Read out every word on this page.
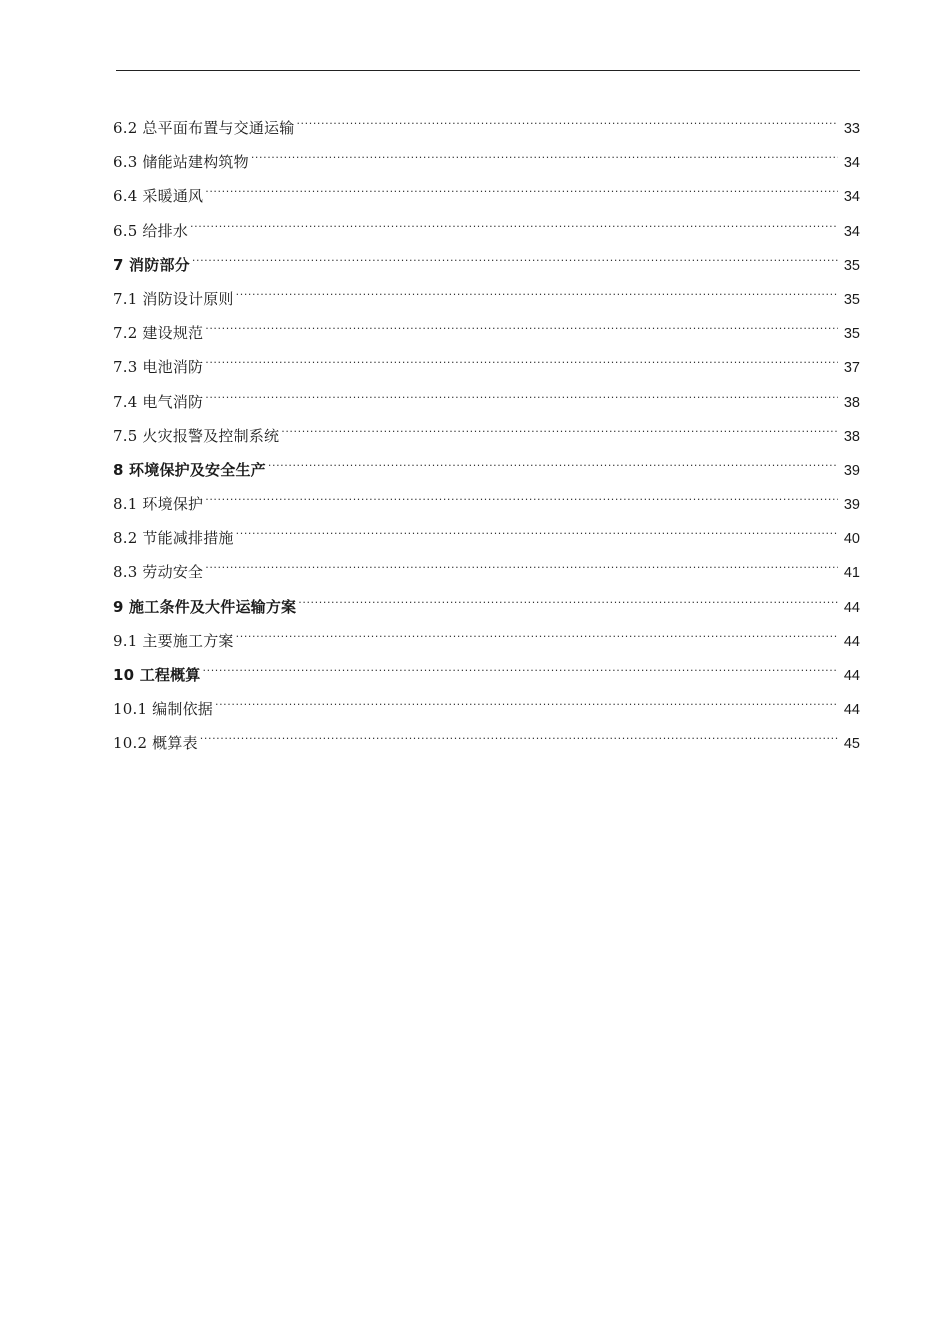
6.2 总平面布置与交通运输 .....	33
6.3 储能站建构筑物 .....	34
6.4 采暖通风 .....	34
6.5 给排水 .....	34
7 消防部分 .....	35
7.1 消防设计原则 .....	35
7.2 建设规范 .....	35
7.3 电池消防 .....	37
7.4 电气消防 .....	38
7.5 火灾报警及控制系统 .....	38
8 环境保护及安全生产 .....	39
8.1 环境保护 .....	39
8.2 节能减排措施 .....	40
8.3 劳动安全 .....	41
9 施工条件及大件运输方案 .....	44
9.1 主要施工方案 .....	44
10 工程概算 .....	44
10.1 编制依据 .....	44
10.2 概算表 .....	45
